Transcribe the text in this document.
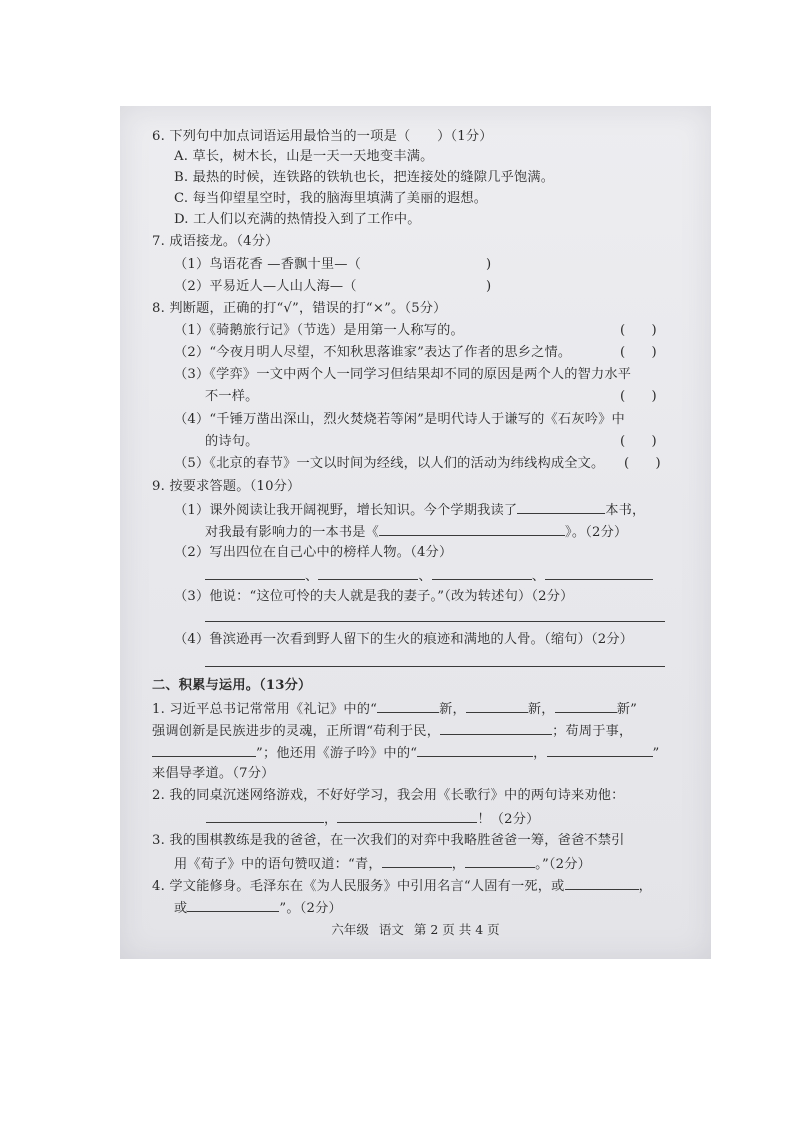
6. 下列句中加点词语运用最恰当的一项是（　　）（1分）
A. 草长，树木长，山是一天一天地变丰满。
B. 最热的时候，连铁路的铁轨也长，把连接处的缝隙几乎饱满。
C. 每当仰望星空时，我的脑海里填满了美丽的遐想。
D. 工人们以充满的热情投入到了工作中。
7. 成语接龙。（4分）
（1）鸟语花香 —香飘十里—（	)
（2）平易近人—人山人海—（	)
8. 判断题，正确的打“√”，错误的打“×”。（5分）
（1）《骑鹅旅行记》（节选）是用第一人称写的。	(　　)
（2）“今夜月明人尽望，不知秋思落谁家”表达了作者的思乡之情。	(　　)
（3）《学弈》一文中两个人一同学习但结果却不同的原因是两个人的智力水平
不一样。	(　　)
（4）“千锤万凿出深山，烈火焚烧若等闲”是明代诗人于谦写的《石灰吟》中
的诗句。	(　　)
（5）《北京的春节》一文以时间为经线，以人们的活动为纬线构成全文。 (　　)
9. 按要求答题。（10分）
（1）课外阅读让我开阔视野，增长知识。今个学期我读了	本书，
对我最有影响力的一本书是《	》。（2分）
（2）写出四位在自己心中的榜样人物。（4分）
、	、	、
（3）他说：“这位可怜的夫人就是我的妻子。”（改为转述句）（2分）
（4）鲁滨逊再一次看到野人留下的生火的痕迹和满地的人骨。（缩句）（2分）
二、积累与运用。（13分）
1. 习近平总书记常常用《礼记》中的“	新，	新，	新”
强调创新是民族进步的灵魂，正所谓“苟利于民，	；苟周于事，
”；他还用《游子吟》中的“	，	”
来倡导孝道。（7分）
2. 我的同桌沉迷网络游戏，不好好学习，我会用《长歌行》中的两句诗来劝他：
，	！（2分）
3. 我的围棋教练是我的爸爸，在一次我们的对弈中我略胜爸爸一筹，爸爸不禁引
用《荀子》中的语句赞叹道：“青，	，	。”（2分）
4. 学文能修身。毛泽东在《为人民服务》中引用名言“人固有一死，或	，
或	”。（2分）
六年级 语文 第 2 页 共 4 页
